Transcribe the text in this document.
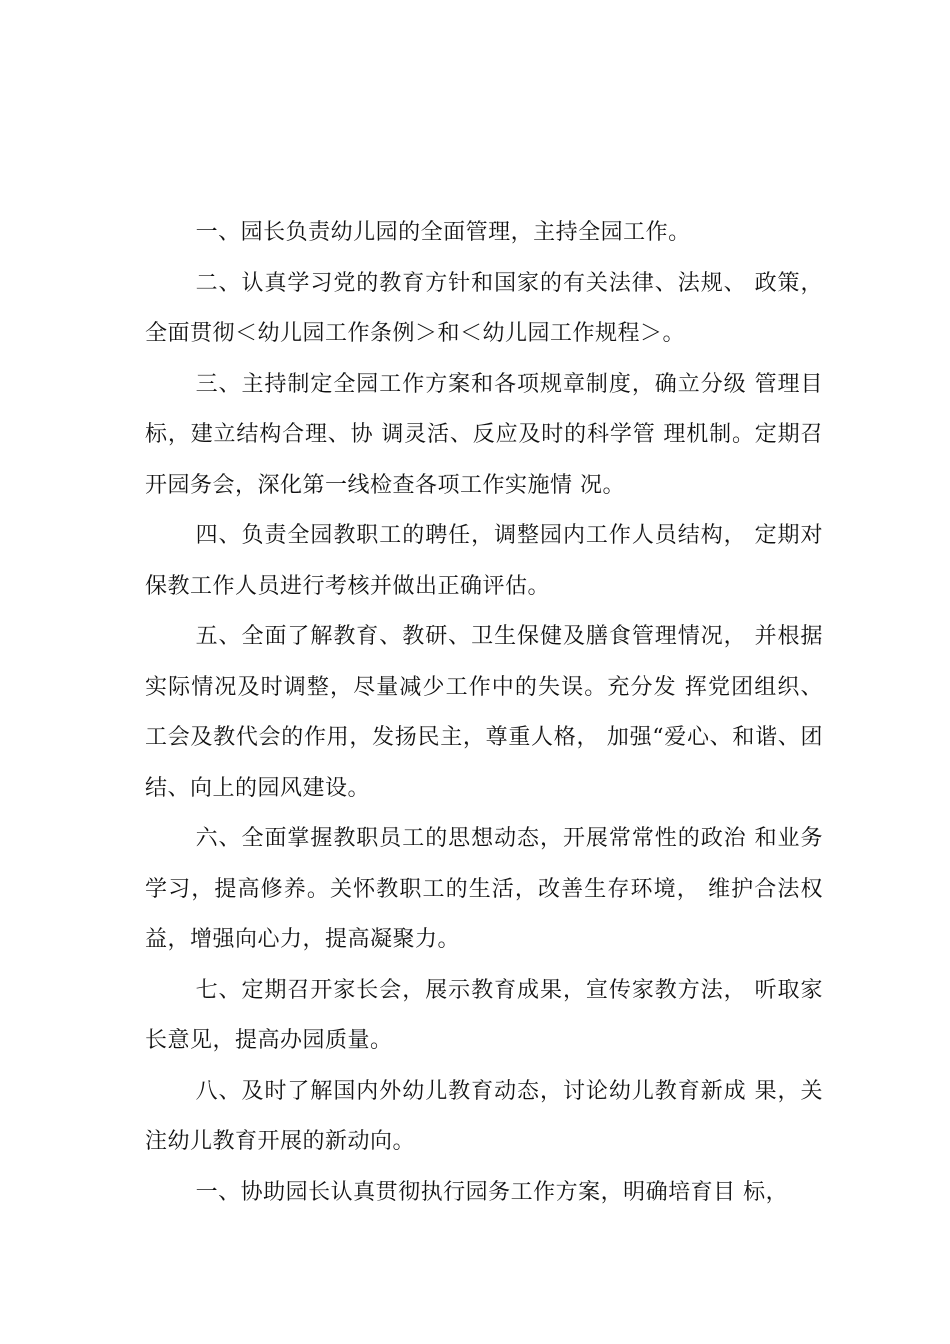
一、园长负责幼儿园的全面管理，主持全园工作。

二、认真学习党的教育方针和国家的有关法律、法规、 政策，全面贯彻＜幼儿园工作条例＞和＜幼儿园工作规程＞。

三、主持制定全园工作方案和各项规章制度，确立分级 管理目标，建立结构合理、协 调灵活、反应及时的科学管 理机制。定期召开园务会，深化第一线检查各项工作实施情 况。

四、负责全园教职工的聘任，调整园内工作人员结构， 定期对保教工作人员进行考核并做出正确评估。

五、全面了解教育、教研、卫生保健及膳食管理情况， 并根据实际情况及时调整，尽量减少工作中的失误。充分发 挥党团组织、工会及教代会的作用，发扬民主，尊重人格， 加强“爱心、和谐、团结、向上的园风建设。

六、全面掌握教职员工的思想动态，开展常常性的政治 和业务学习，提高修养。关怀教职工的生活，改善生存环境， 维护合法权益，增强向心力，提高凝聚力。

七、定期召开家长会，展示教育成果，宣传家教方法， 听取家长意见，提高办园质量。

八、及时了解国内外幼儿教育动态，讨论幼儿教育新成 果，关注幼儿教育开展的新动向。

一、协助园长认真贯彻执行园务工作方案，明确培育目 标，
